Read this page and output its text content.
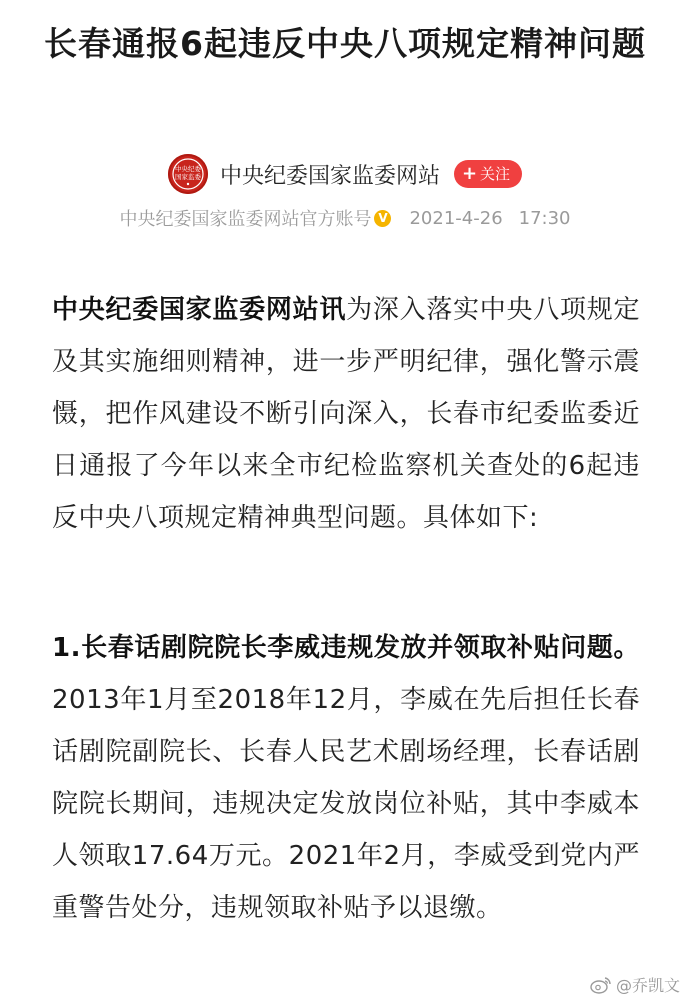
长春通报6起违反中央八项规定精神问题
中央纪委
国家监委 中央纪委国家监委网站 + 关注
中央纪委国家监委网站官方账号 V 2021-4-26 17:30

中央纪委国家监委网站讯为深入落实中央八项规定及其实施细则精神，进一步严明纪律，强化警示震慑，把作风建设不断引向深入，长春市纪委监委近日通报了今年以来全市纪检监察机关查处的6起违反中央八项规定精神典型问题。具体如下:

1.长春话剧院院长李威违规发放并领取补贴问题。2013年1月至2018年12月，李威在先后担任长春话剧院副院长、长春人民艺术剧场经理，长春话剧院院长期间，违规决定发放岗位补贴，其中李威本人领取17.64万元。2021年2月，李威受到党内严重警告处分，违规领取补贴予以退缴。

@乔凯文
